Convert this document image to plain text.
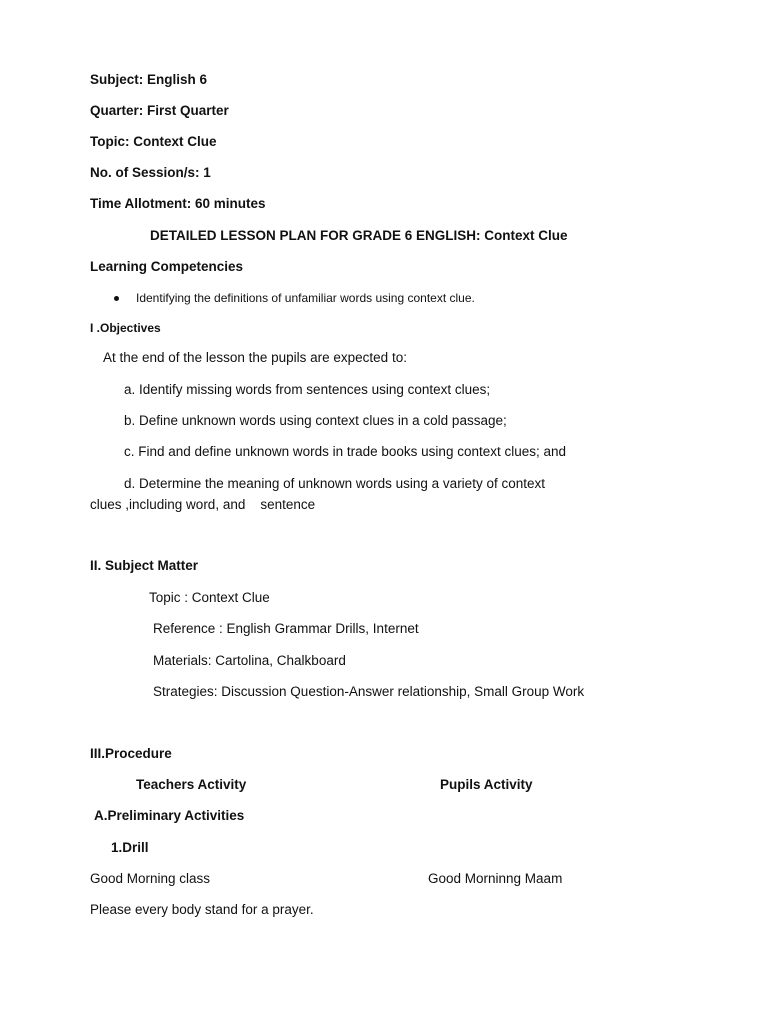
Subject: English 6
Quarter: First Quarter
Topic: Context Clue
No. of Session/s: 1
Time Allotment: 60 minutes
DETAILED LESSON PLAN FOR GRADE 6 ENGLISH: Context Clue
Learning Competencies
Identifying the definitions of unfamiliar words using context clue.
I .Objectives
At the end of the lesson the pupils are expected to:
a. Identify missing words from sentences using context clues;
b. Define unknown words using context clues in a cold passage;
c. Find and define unknown words in trade books using context clues; and
d. Determine the meaning of unknown words using a variety of context
clues ,including word, and    sentence
II. Subject Matter
Topic : Context Clue
Reference : English Grammar Drills, Internet
Materials: Cartolina, Chalkboard
Strategies: Discussion Question-Answer relationship, Small Group Work
III.Procedure
Teachers Activity	Pupils Activity
A.Preliminary Activities
1.Drill
Good Morning class	Good Morninng Maam
Please every body stand for a prayer.
